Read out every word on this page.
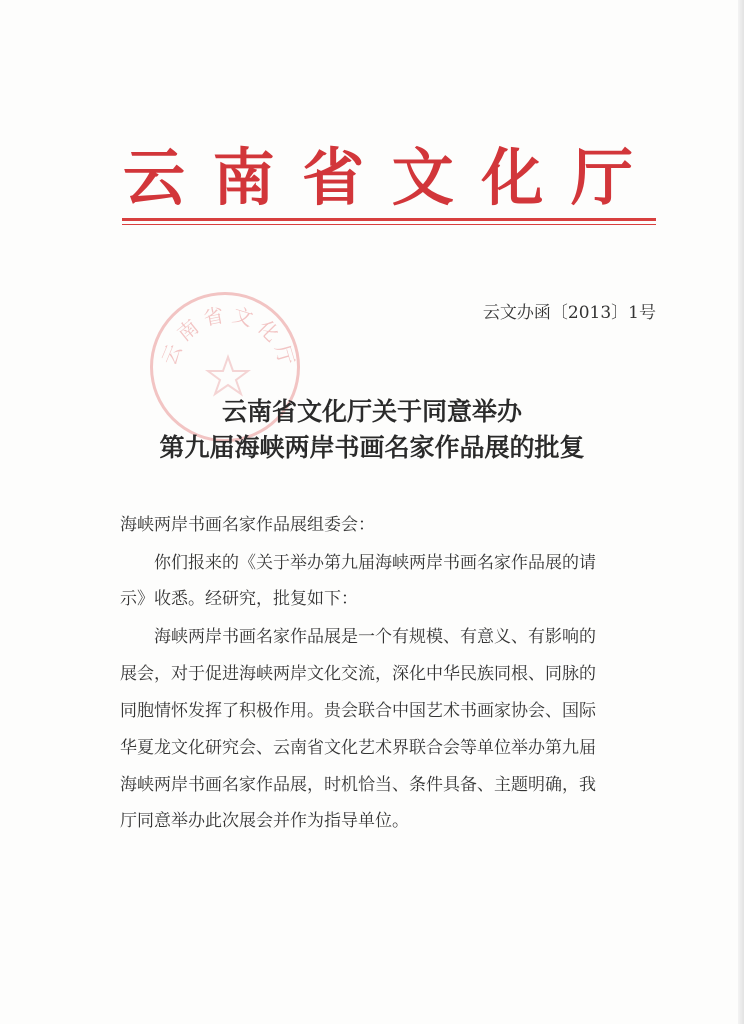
云 南 省 文 化 厅
云南省文化厅
云文办函〔2013〕1号
云南省文化厅关于同意举办
第九届海峡两岸书画名家作品展的批复
海峡两岸书画名家作品展组委会：
　　你们报来的《关于举办第九届海峡两岸书画名家作品展的请
示》收悉。经研究，批复如下：
　　海峡两岸书画名家作品展是一个有规模、有意义、有影响的
展会，对于促进海峡两岸文化交流，深化中华民族同根、同脉的
同胞情怀发挥了积极作用。贵会联合中国艺术书画家协会、国际
华夏龙文化研究会、云南省文化艺术界联合会等单位举办第九届
海峡两岸书画名家作品展，时机恰当、条件具备、主题明确，我
厅同意举办此次展会并作为指导单位。
